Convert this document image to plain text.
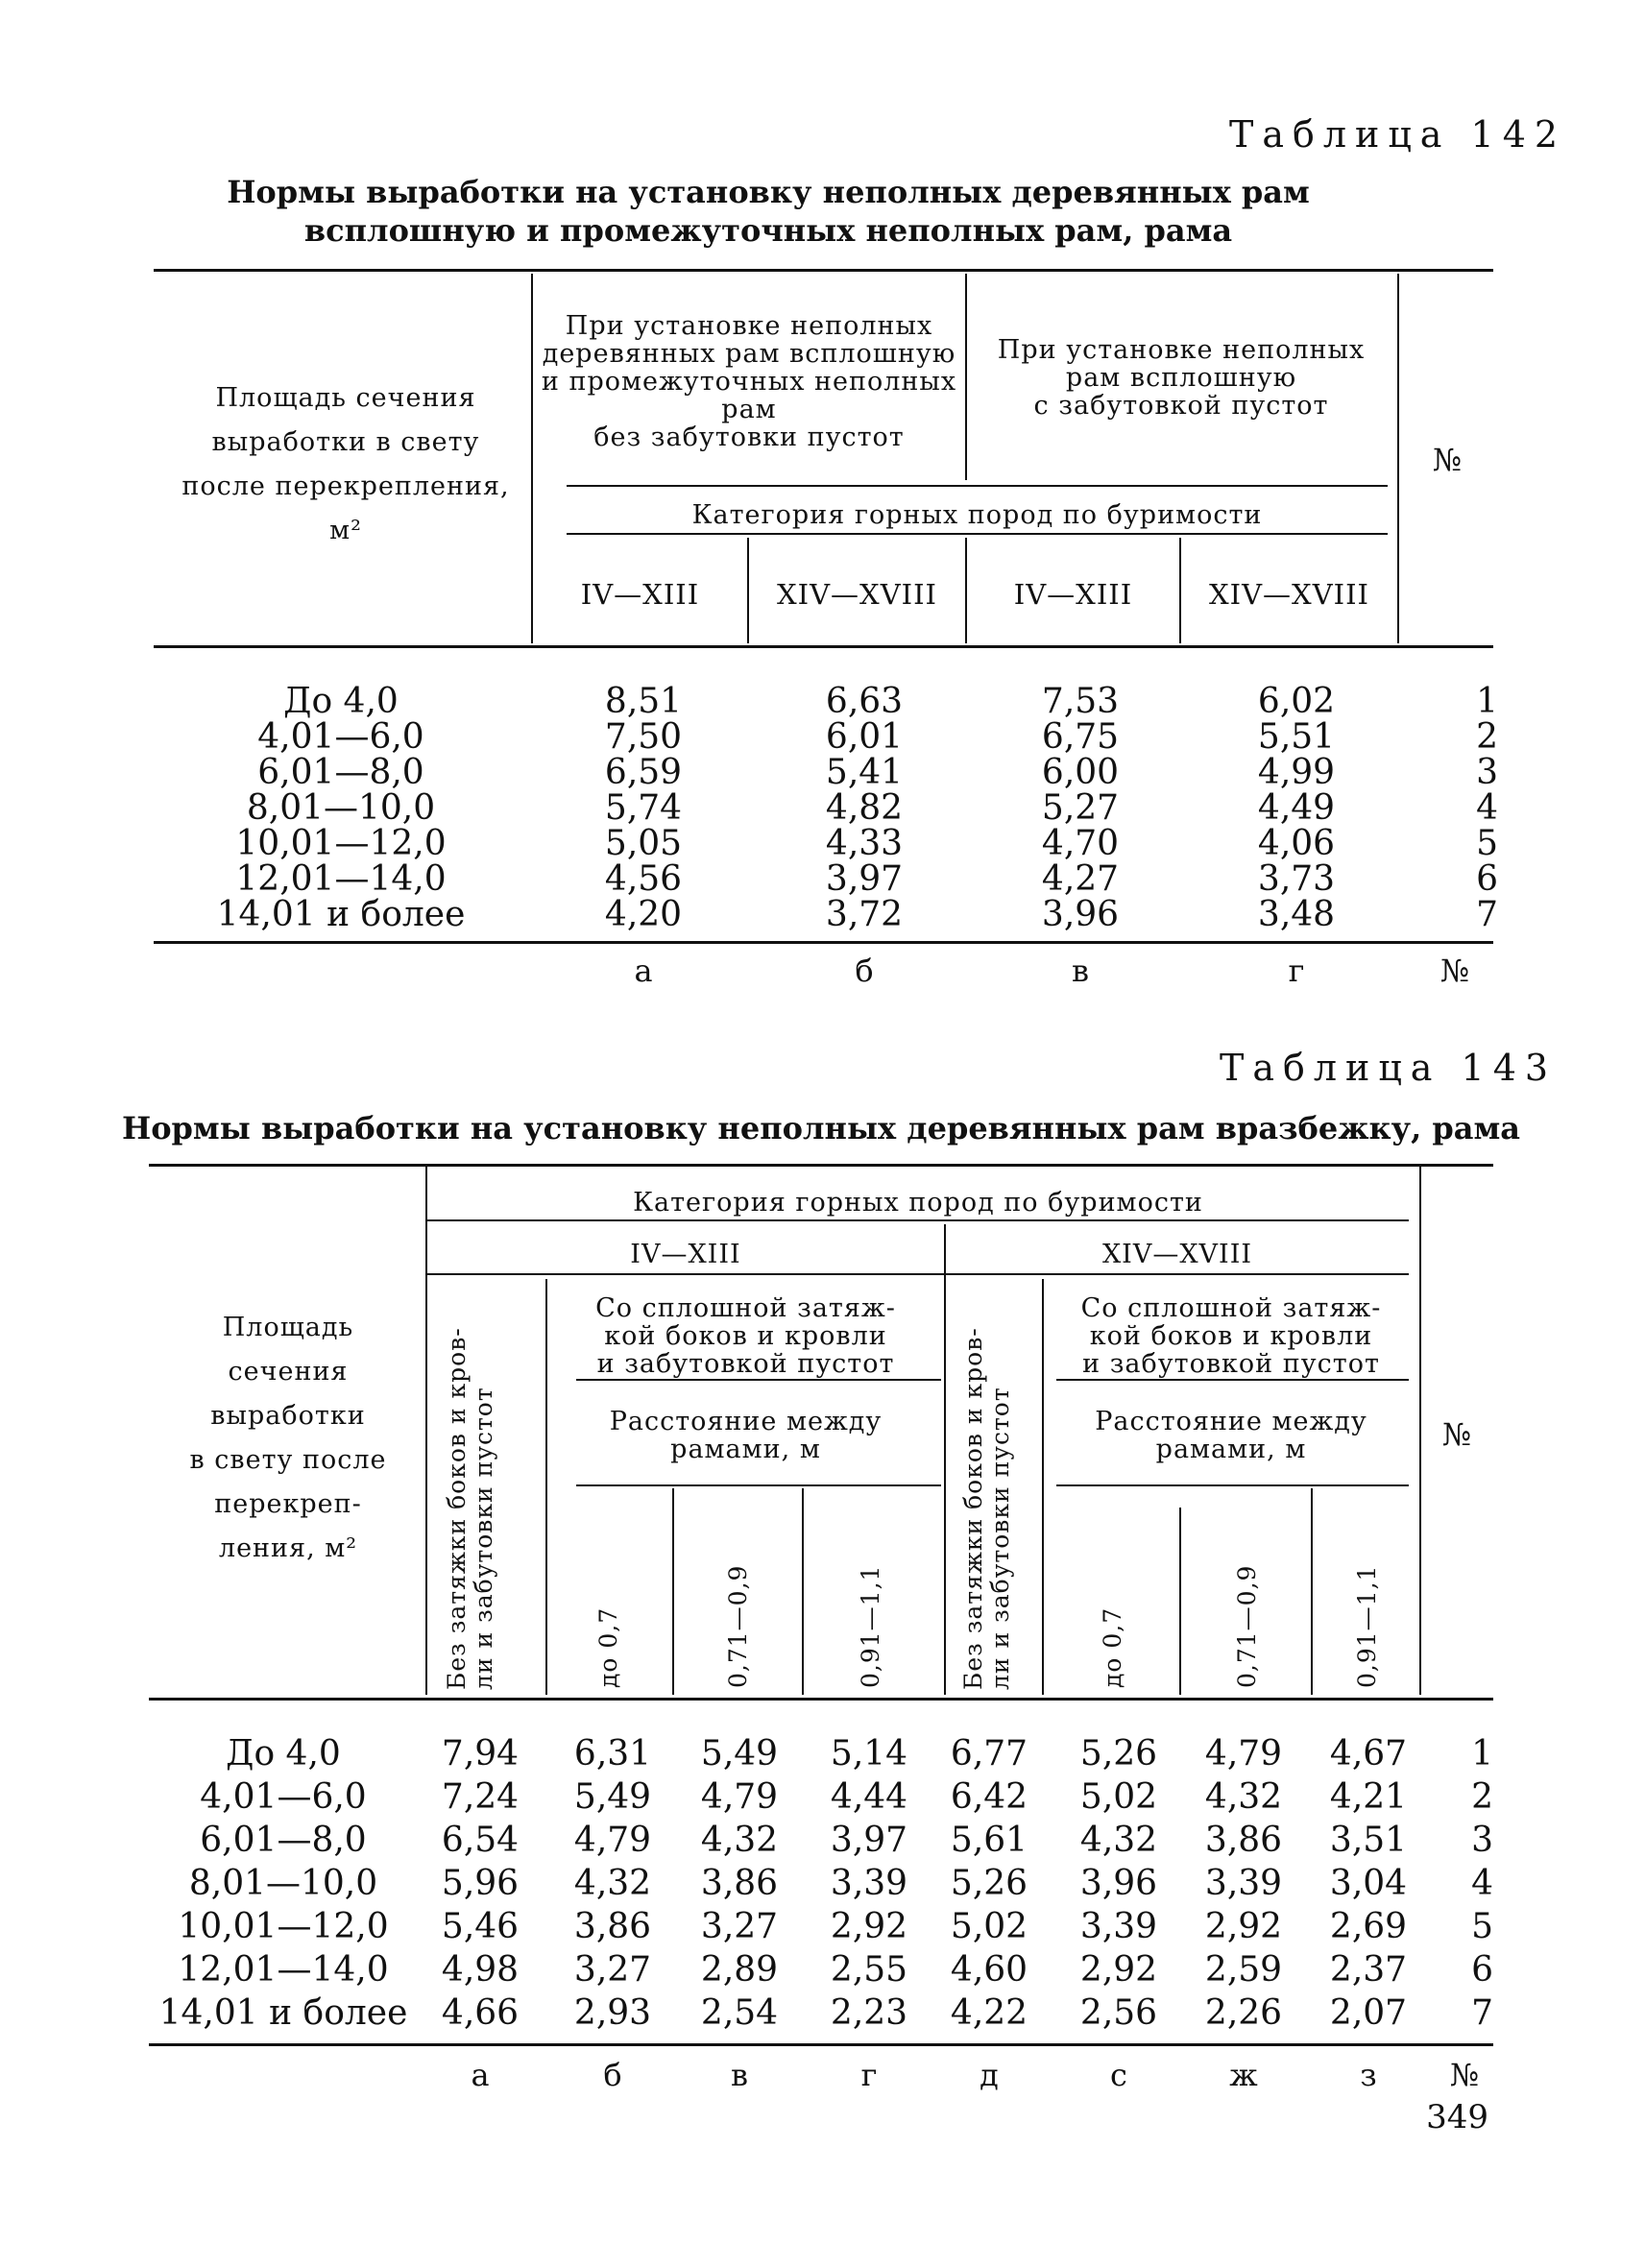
Таблица 142
Нормы выработки на установку неполных деревянных рам
всплошную и промежуточных неполных рам, рама
Площадь сечения
выработки в свету
после перекрепления,
м²
При установке неполных
деревянных рам всплошную
и промежуточных неполных
рам
без забутовки пустот
При установке неполных
рам всплошную
с забутовкой пустот
Категория горных пород по буримости
IV—XIII	XIV—XVIII	IV—XIII	XIV—XVIII
№
До 4,0	8,51	6,63	7,53	6,02	1
4,01—6,0	7,50	6,01	6,75	5,51	2
6,01—8,0	6,59	5,41	6,00	4,99	3
8,01—10,0	5,74	4,82	5,27	4,49	4
10,01—12,0	5,05	4,33	4,70	4,06	5
12,01—14,0	4,56	3,97	4,27	3,73	6
14,01 и более	4,20	3,72	3,96	3,48	7
а	б	в	г	№
Таблица 143
Нормы выработки на установку неполных деревянных рам вразбежку, рама
Площадь
сечения
выработки
в свету после
перекреп-
ления, м²
Категория горных пород по буримости
IV—XIII	XIV—XVIII
Без затяжки боков и кров- ли и забутовки пустот	Без затяжки боков и кров- ли и забутовки пустот
Со сплошной затяж-
кой боков и кровли
и забутовкой пустот
Со сплошной затяж-
кой боков и кровли
и забутовкой пустот
Расстояние между
рамами, м
Расстояние между
рамами, м
до 0,7	0,71—0,9	0,91—1,1	до 0,7	0,71—0,9	0,91—1,1
№
До 4,0	7,94	6,31	5,49	5,14	6,77	5,26	4,79	4,67	1
4,01—6,0	7,24	5,49	4,79	4,44	6,42	5,02	4,32	4,21	2
6,01—8,0	6,54	4,79	4,32	3,97	5,61	4,32	3,86	3,51	3
8,01—10,0	5,96	4,32	3,86	3,39	5,26	3,96	3,39	3,04	4
10,01—12,0	5,46	3,86	3,27	2,92	5,02	3,39	2,92	2,69	5
12,01—14,0	4,98	3,27	2,89	2,55	4,60	2,92	2,59	2,37	6
14,01 и более 4,66	2,93	2,54	2,23	4,22	2,56	2,26	2,07	7
а	б	в	г	д	с	ж	з	№
349
